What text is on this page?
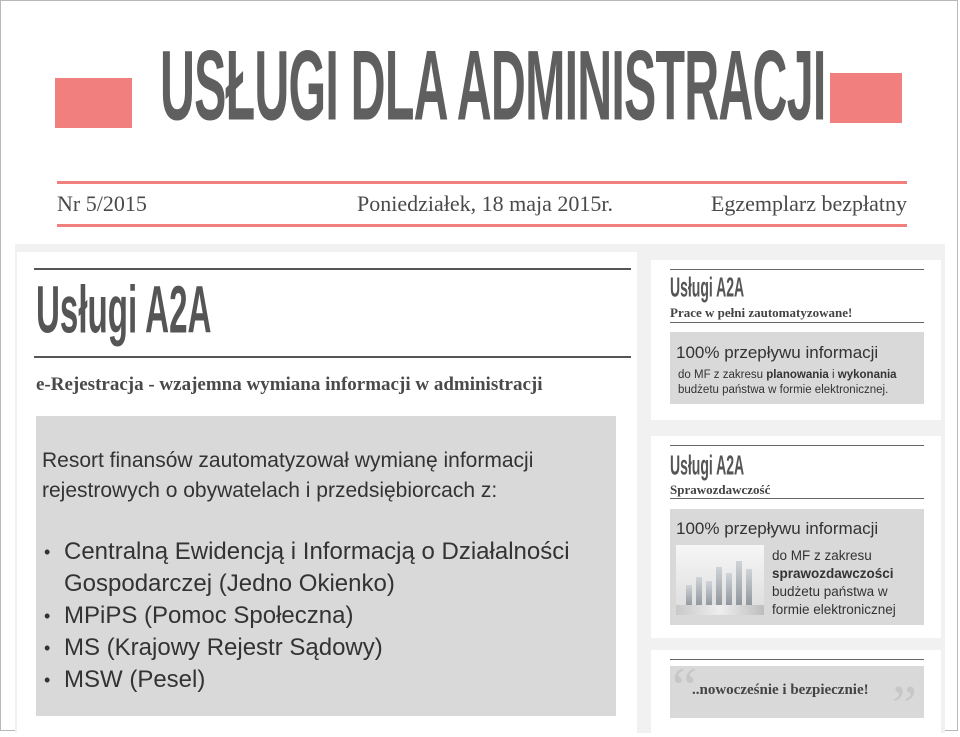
USŁUGI DLA ADMINISTRACJI
Nr 5/2015	Poniedziałek, 18 maja 2015r.	Egzemplarz bezpłatny
Usługi A2A
e-Rejestracja - wzajemna wymiana informacji w administracji
Resort finansów zautomatyzował wymianę informacji rejestrowych o obywatelach i przedsiębiorcach z:
• Centralną Ewidencją i Informacją o Działalności Gospodarczej (Jedno Okienko)
• MPiPS (Pomoc Społeczna)
• MS (Krajowy Rejestr Sądowy)
• MSW (Pesel)
Usługi A2A
Prace w pełni zautomatyzowane!
100% przepływu informacji
do MF z zakresu planowania i wykonania budżetu państwa w formie elektronicznej.
Usługi A2A
Sprawozdawczość
100% przepływu informacji
do MF z zakresu
sprawozdawczości
budżetu państwa w formie elektronicznej
“
..nowocześnie i bezpiecznie! ”
